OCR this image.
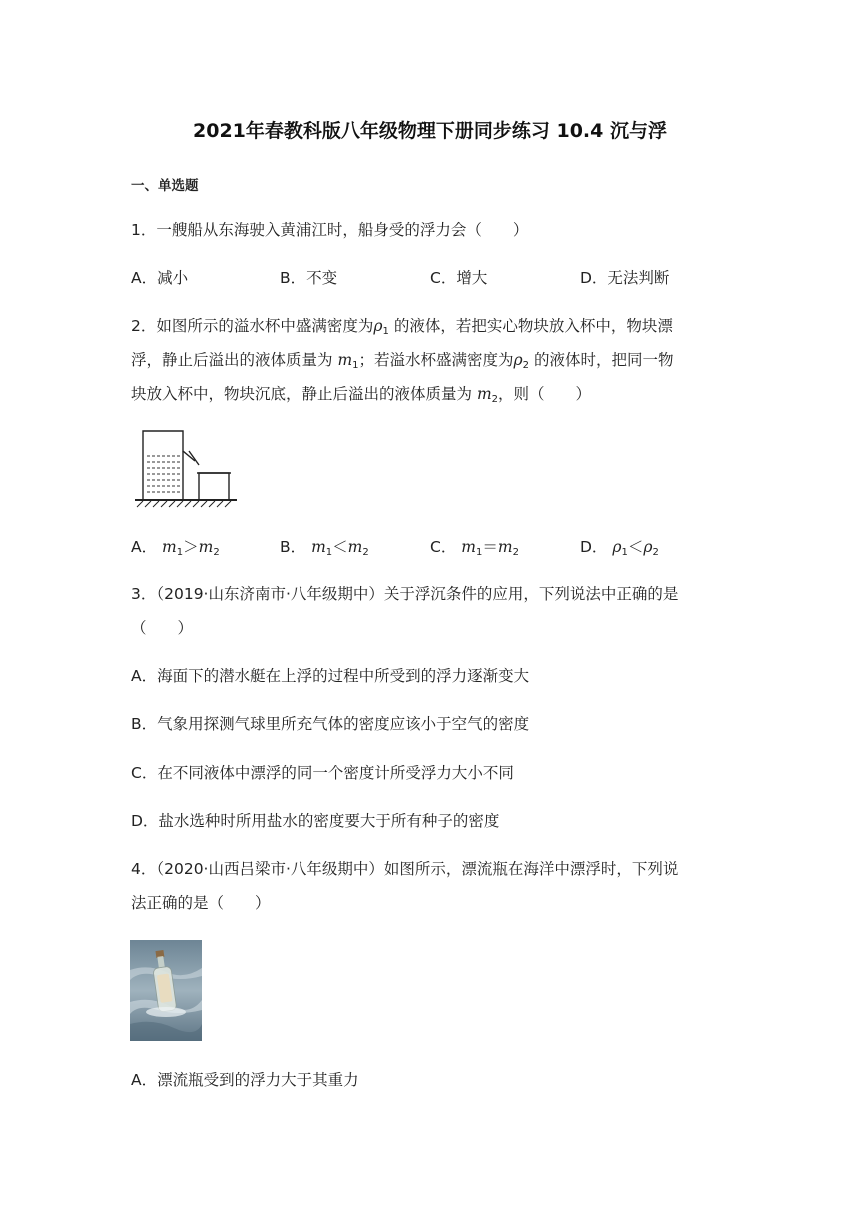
2021年春教科版八年级物理下册同步练习 10.4 沉与浮
一、单选题
1．一艘船从东海驶入黄浦江时，船身受的浮力会（　　）
A．减小	B．不变	C．增大	D．无法判断
2．如图所示的溢水杯中盛满密度为$\rho_1$ 的液体，若把实心物块放入杯中，物块漂
浮，静止后溢出的液体质量为 $m_1$；若溢水杯盛满密度为$\rho_2$ 的液体时，把同一物
块放入杯中，物块沉底，静止后溢出的液体质量为 $m_2$，则（　　）
A． $m_1>m_2$	B． $m_1<m_2$	C． $m_1=m_2$	D． $\rho_1<\rho_2$
3．（2019·山东济南市·八年级期中）关于浮沉条件的应用，下列说法中正确的是
（　　）
A．海面下的潜水艇在上浮的过程中所受到的浮力逐渐变大
B．气象用探测气球里所充气体的密度应该小于空气的密度
C．在不同液体中漂浮的同一个密度计所受浮力大小不同
D．盐水选种时所用盐水的密度要大于所有种子的密度
4．（2020·山西吕梁市·八年级期中）如图所示，漂流瓶在海洋中漂浮时，下列说
法正确的是（　　）
A．漂流瓶受到的浮力大于其重力
